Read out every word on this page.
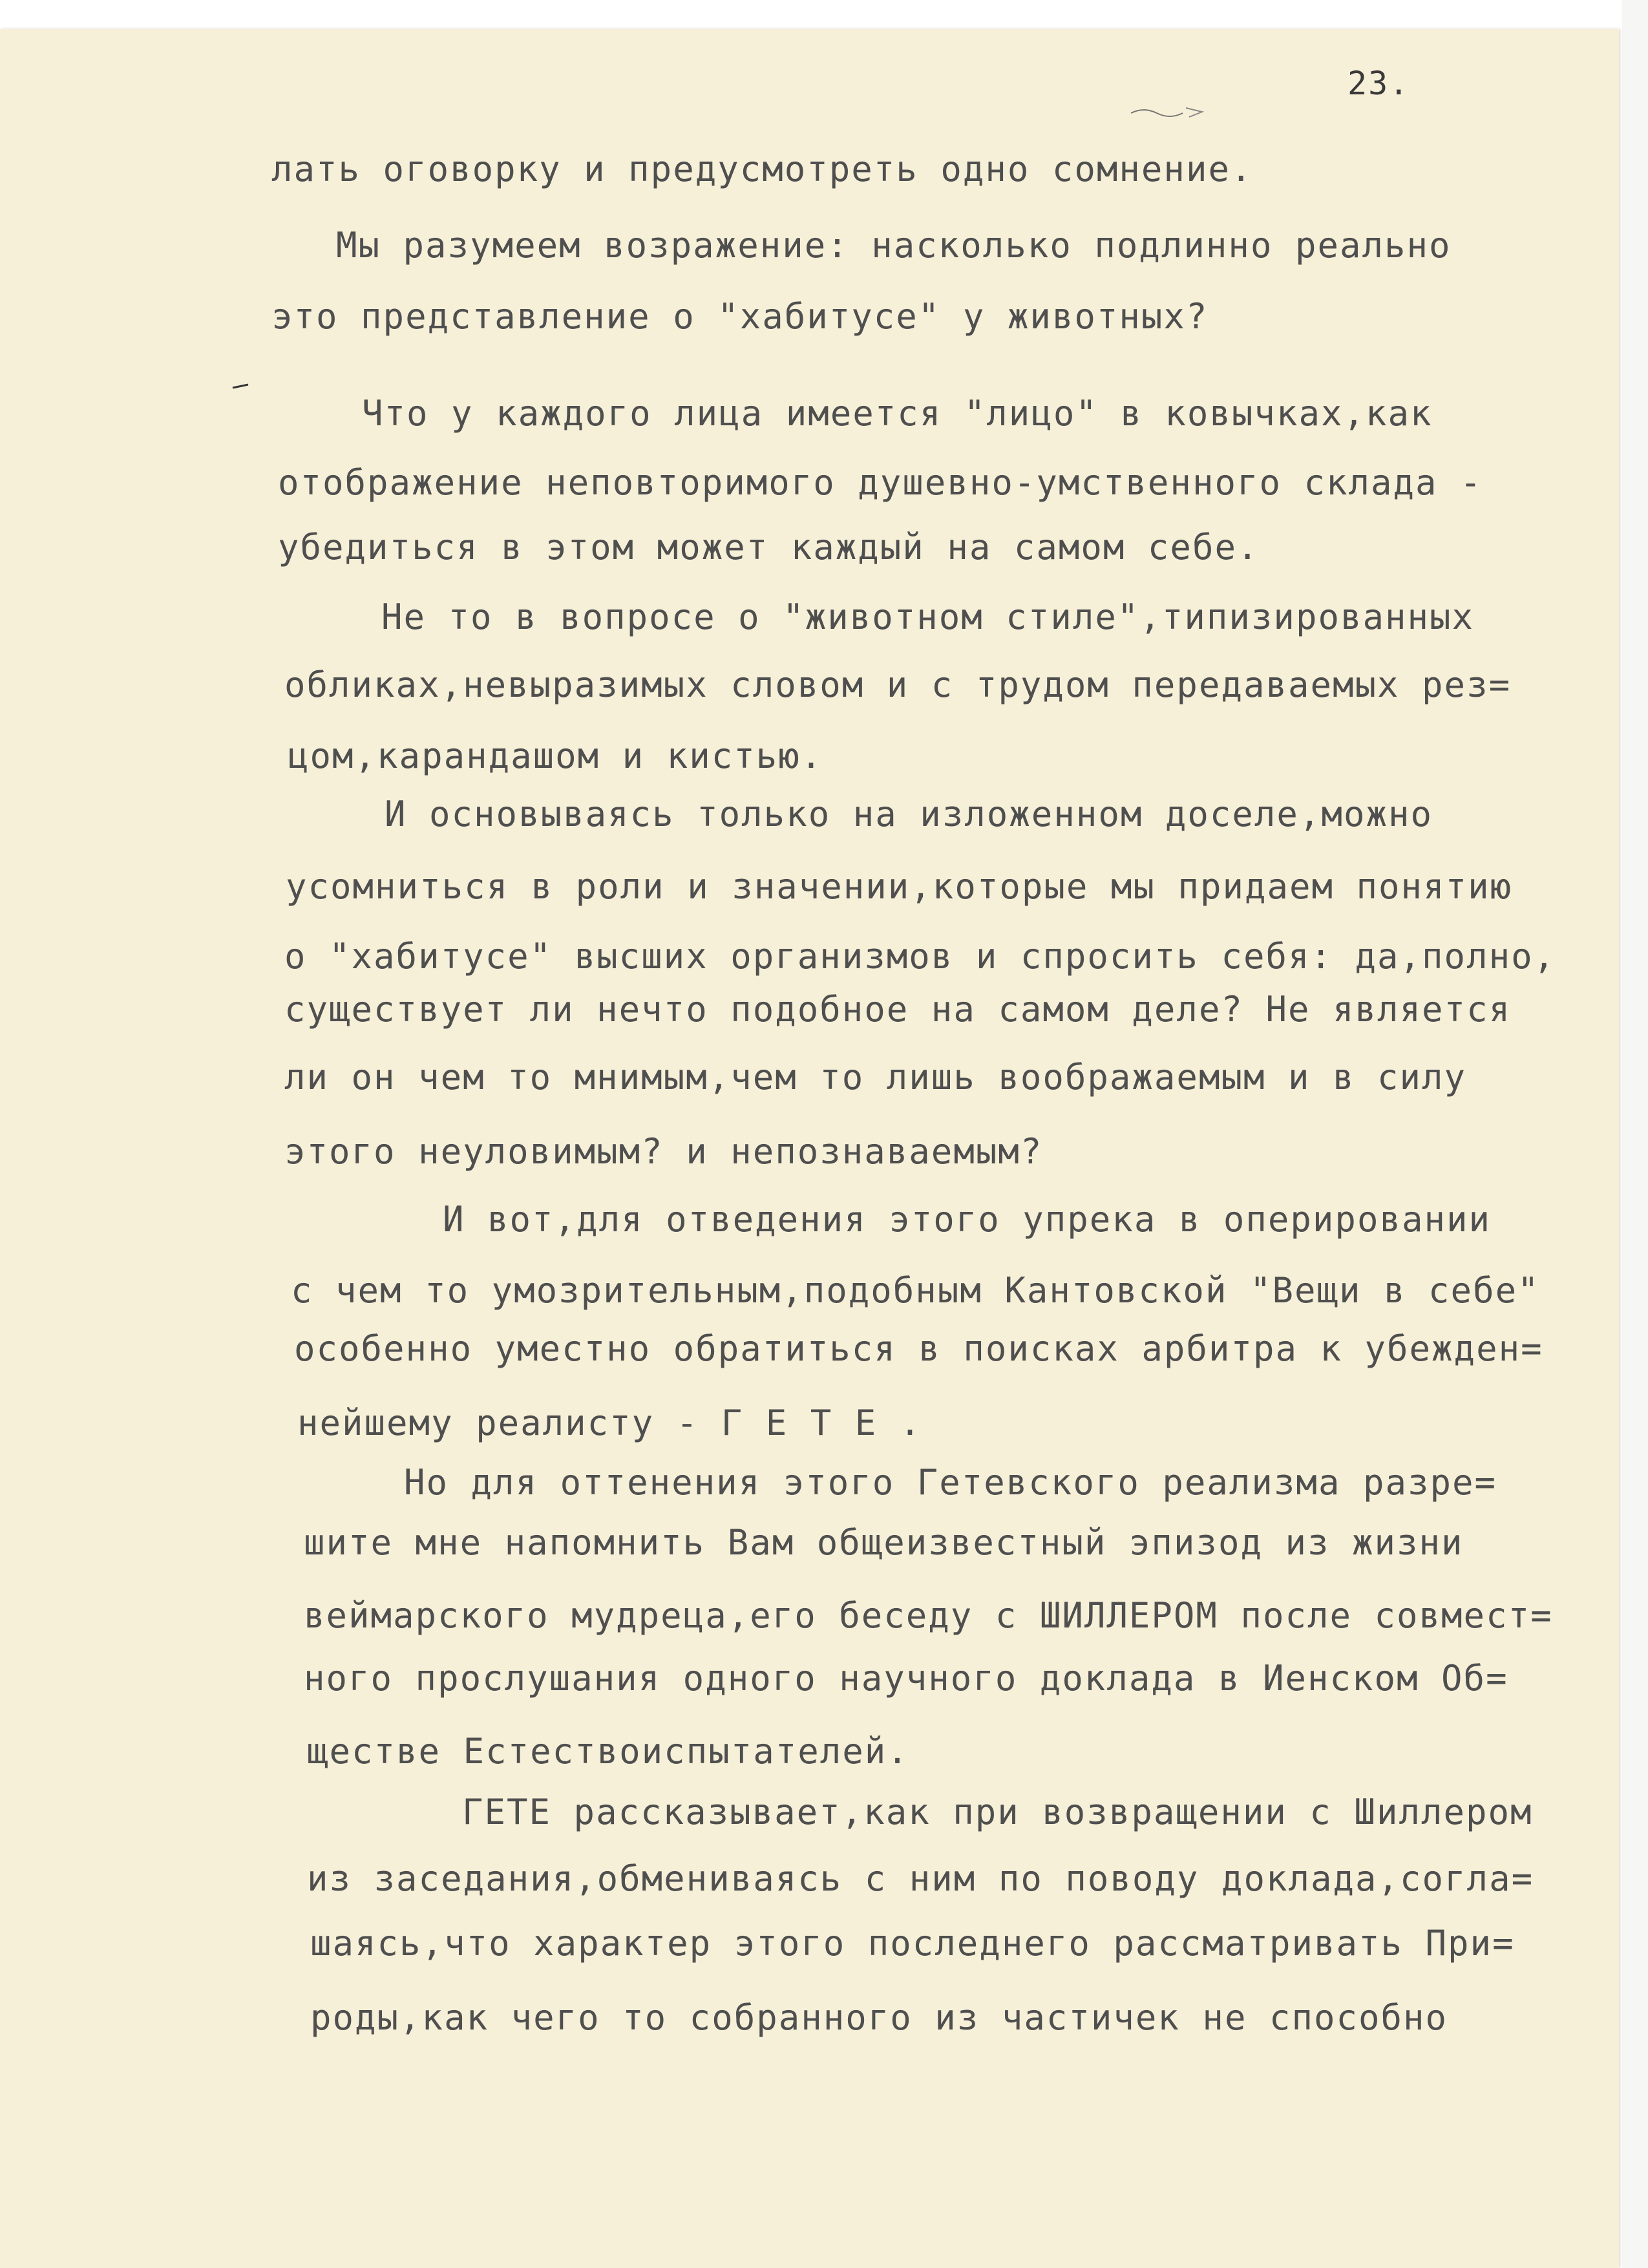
23.
лать оговорку и предусмотреть одно сомнение.
Мы разумеем возражение: насколько подлинно реально
это представление о "хабитусе" у животных?
Что у каждого лица имеется "лицо" в ковычках,как
отображение неповторимого душевно-умственного склада -
убедиться в этом может каждый на самом себе.
Не то в вопросе о "животном стиле",типизированных
обликах,невыразимых словом и с трудом передаваемых рез=
цом,карандашом и кистью.
И основываясь только на изложенном доселе,можно
усомниться в роли и значении,которые мы придаем понятию
о "хабитусе" высших организмов и спросить себя: да,полно,
существует ли нечто подобное на самом деле? Не является
ли он чем то мнимым,чем то лишь воображаемым и в силу
этого неуловимым? и непознаваемым?
И вот,для отведения этого упрека в оперировании
с чем то умозрительным,подобным Кантовской "Вещи в себе"
особенно уместно обратиться в поисках арбитра к убежден=
нейшему реалисту - Г Е Т Е .
Но для оттенения этого Гетевского реализма разре=
шите мне напомнить Вам общеизвестный эпизод из жизни
веймарского мудреца,его беседу с ШИЛЛЕРОМ после совмест=
ного прослушания одного научного доклада в Иенском Об=
ществе Естествоиспытателей.
ГЕТЕ рассказывает,как при возвращении с Шиллером
из заседания,обмениваясь с ним по поводу доклада,согла=
шаясь,что характер этого последнего рассматривать При=
роды,как чего то собранного из частичек не способно
